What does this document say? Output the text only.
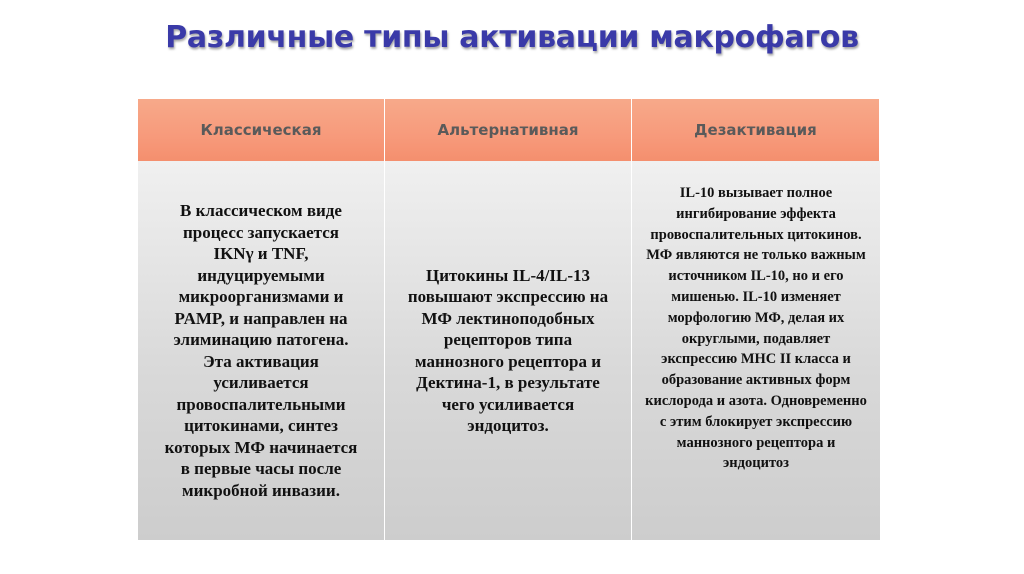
Различные типы активации макрофагов
Классическая	Альтернативная	Дезактивация
В классическом виде процесс запускается IKNγ и TNF, индуцируемыми микроорганизмами и PAMP, и направлен на элиминацию патогена. Эта активация усиливается провоспалительными цитокинами, синтез которых МФ начинается в первые часы после микробной инвазии.
Цитокины IL-4/IL-13 повышают экспрессию на МФ лектиноподобных рецепторов типа маннозного рецептора и Дектина-1, в результате чего усиливается эндоцитоз.
IL-10 вызывает полное ингибирование эффекта провоспалительных цитокинов. МФ являются не только важным источником IL-10, но и его мишенью. IL-10 изменяет морфологию МФ, делая их округлыми, подавляет экспрессию MHC II класса и образование активных форм кислорода и азота. Одновременно с этим блокирует экспрессию маннозного рецептора и эндоцитоз
